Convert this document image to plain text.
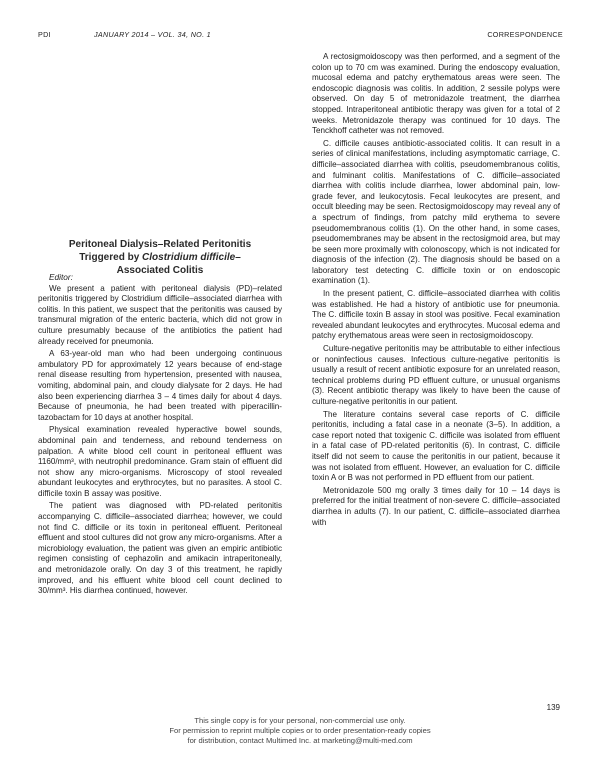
PDI	JANUARY 2014 – VOL. 34, NO. 1	CORRESPONDENCE
Peritoneal Dialysis–Related Peritonitis
Triggered by Clostridium difficile–
Associated Colitis
Editor:

We present a patient with peritoneal dialysis (PD)–related peritonitis triggered by Clostridium difficile–associated diarrhea with colitis. In this patient, we suspect that the peritonitis was caused by transmural migration of the enteric bacteria, which did not grow in culture presumably because of the antibiotics the patient had already received for pneumonia.

A 63-year-old man who had been undergoing continuous ambulatory PD for approximately 12 years because of end-stage renal disease resulting from hypertension, presented with nausea, vomiting, abdominal pain, and cloudy dialysate for 2 days. He had also been experiencing diarrhea 3 – 4 times daily for about 4 days. Because of pneumonia, he had been treated with piperacillin-tazobactam for 10 days at another hospital.

Physical examination revealed hyperactive bowel sounds, abdominal pain and tenderness, and rebound tenderness on palpation. A white blood cell count in peritoneal effluent was 1160/mm³, with neutrophil predominance. Gram stain of effluent did not show any micro-organisms. Microscopy of stool revealed abundant leukocytes and erythrocytes, but no parasites. A stool C. difficile toxin B assay was positive.

The patient was diagnosed with PD-related peritonitis accompanying C. difficile–associated diarrhea; however, we could not find C. difficile or its toxin in peritoneal effluent. Peritoneal effluent and stool cultures did not grow any micro-organisms. After a microbiology evaluation, the patient was given an empiric antibiotic regimen consisting of cephazolin and amikacin intraperitoneally, and metronidazole orally. On day 3 of this treatment, he rapidly improved, and his effluent white blood cell count declined to 30/mm³. His diarrhea continued, however.

A rectosigmoidoscopy was then performed, and a segment of the colon up to 70 cm was examined. During the endoscopy evaluation, mucosal edema and patchy erythematous areas were seen. The endoscopic diagnosis was colitis. In addition, 2 sessile polyps were observed. On day 5 of metronidazole treatment, the diarrhea stopped. Intraperitoneal antibiotic therapy was given for a total of 2 weeks. Metronidazole therapy was continued for 10 days. The Tenckhoff catheter was not removed.

C. difficile causes antibiotic-associated colitis. It can result in a series of clinical manifestations, including asymptomatic carriage, C. difficile–associated diarrhea with colitis, pseudomembranous colitis, and fulminant colitis. Manifestations of C. difficile–associated diarrhea with colitis include diarrhea, lower abdominal pain, low-grade fever, and leukocytosis. Fecal leukocytes are present, and occult bleeding may be seen. Rectosigmoidoscopy may reveal any of a spectrum of findings, from patchy mild erythema to severe pseudomembranous colitis (1). On the other hand, in some cases, pseudomembranes may be absent in the rectosigmoid area, but may be seen more proximally with colonoscopy, which is not indicated for diagnosis of the infection (2). The diagnosis should be based on a laboratory test detecting C. difficile toxin or on endoscopic examination (1).

In the present patient, C. difficile–associated diarrhea with colitis was established. He had a history of antibiotic use for pneumonia. The C. difficile toxin B assay in stool was positive. Fecal examination revealed abundant leukocytes and erythrocytes. Mucosal edema and patchy erythematous areas were seen in rectosigmoidoscopy.

Culture-negative peritonitis may be attributable to either infectious or noninfectious causes. Infectious culture-negative peritonitis is usually a result of recent antibiotic exposure for an unrelated reason, technical problems during PD effluent culture, or unusual organisms (3). Recent antibiotic therapy was likely to have been the cause of culture-negative peritonitis in our patient.

The literature contains several case reports of C. difficile peritonitis, including a fatal case in a neonate (3–5). In addition, a case report noted that toxigenic C. difficile was isolated from effluent in a fatal case of PD-related peritonitis (6). In contrast, C. difficile itself did not seem to cause the peritonitis in our patient, because it was not isolated from effluent. However, an evaluation for C. difficile toxin A or B was not performed in PD effluent from our patient.

Metronidazole 500 mg orally 3 times daily for 10 – 14 days is preferred for the initial treatment of non-severe C. difficile–associated diarrhea in adults (7). In our patient, C. difficile–associated diarrhea with

139
This single copy is for your personal, non-commercial use only.
For permission to reprint multiple copies or to order presentation-ready copies
for distribution, contact Multimed Inc. at marketing@multi-med.com
